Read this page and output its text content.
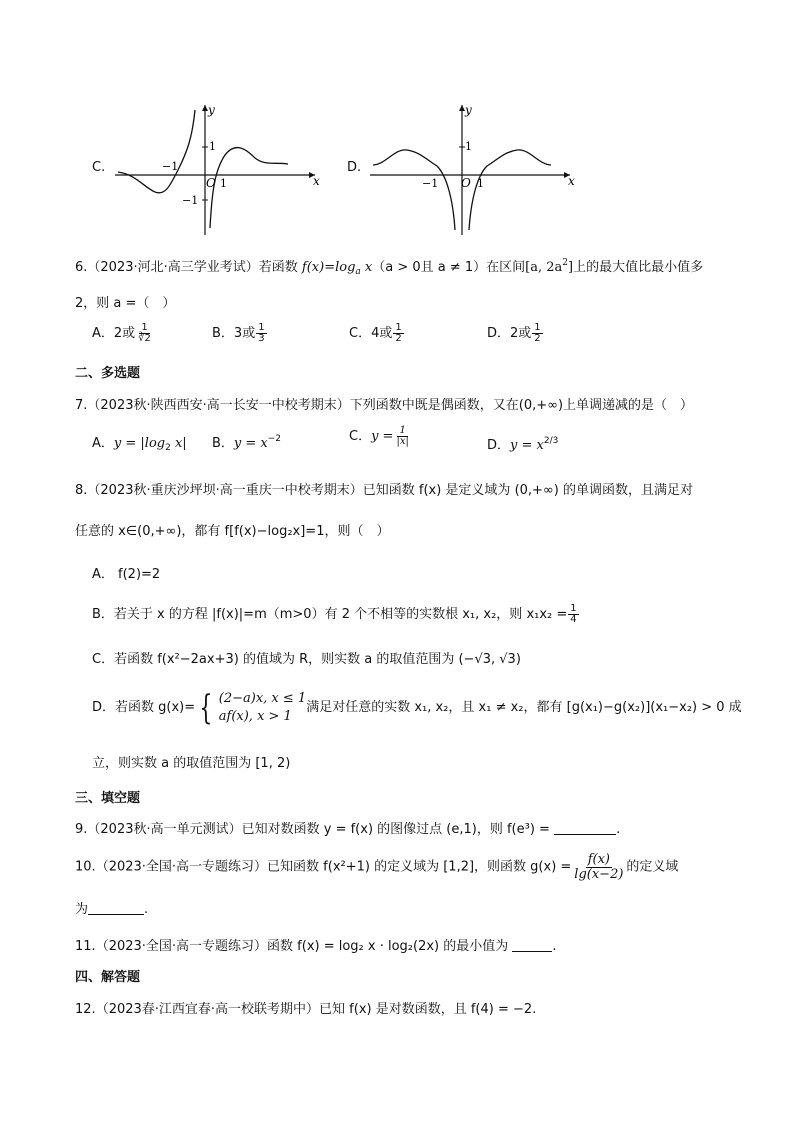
C.
y
x
O 1
−1
1
−1
D.
y
x
O 1
−1
1
6.（2023·河北·高三学业考试）若函数 $f(x)=\log_a$ x（a > 0且 a ≠ 1）在区间[a, $2a^2$]上的最大值比最小值多
2，则 a =（　）
A．2或 $\frac{1}{∛2}$	B．3或 $\frac{1}{3}$	C．4或 $\frac{1}{2}$	D．2或 $\frac{1}{2}$
二、多选题
7.（2023秋·陕西西安·高一长安一中校考期末）下列函数中既是偶函数，又在(0,+∞)上单调递减的是（　）
A．$y = |\log_2$ x| B．$y = x^{-2}$	C．$y = \frac{1}{|x|}$	D．$y = x^{2/3}$
8.（2023秋·重庆沙坪坝·高一重庆一中校考期末）已知函数 f(x) 是定义域为 (0,+∞) 的单调函数，且满足对
任意的 x∈(0,+∞)，都有 f[f(x)−log₂x]=1，则（　）
A． f(2)=2
B．若关于 x 的方程 |f(x)|=m（m>0）有 2 个不相等的实数根 x₁, x₂，则 $x_1x_2 = \frac{1}{4}$
C．若函数 f(x²−2ax+3) 的值域为 R，则实数 a 的取值范围为 (−√3, √3)
D．若函数 g(x)= { (2−a)x, x ≤ 1
af(x), x > 1
满足对任意的实数 x₁, x₂，且 x₁ ≠ x₂，都有 [g(x₁)−g(x₂)](x₁−x₂) > 0 成
立，则实数 a 的取值范围为 [1, 2)
三、填空题
9.（2023秋·高一单元测试）已知对数函数 y = f(x) 的图像过点 (e,1)，则 f(e³) =	.
10.（2023·全国·高一专题练习）已知函数 f(x²+1) 的定义域为 [1,2]，则函数 $g(x) = \frac{f(x)}{\lg(x-2)}$ 的定义域
为	.
11.（2023·全国·高一专题练习）函数 f(x) = log₂ x · log₂(2x) 的最小值为	.
四、解答题
12.（2023春·江西宜春·高一校联考期中）已知 f(x) 是对数函数，且 f(4) = −2.
